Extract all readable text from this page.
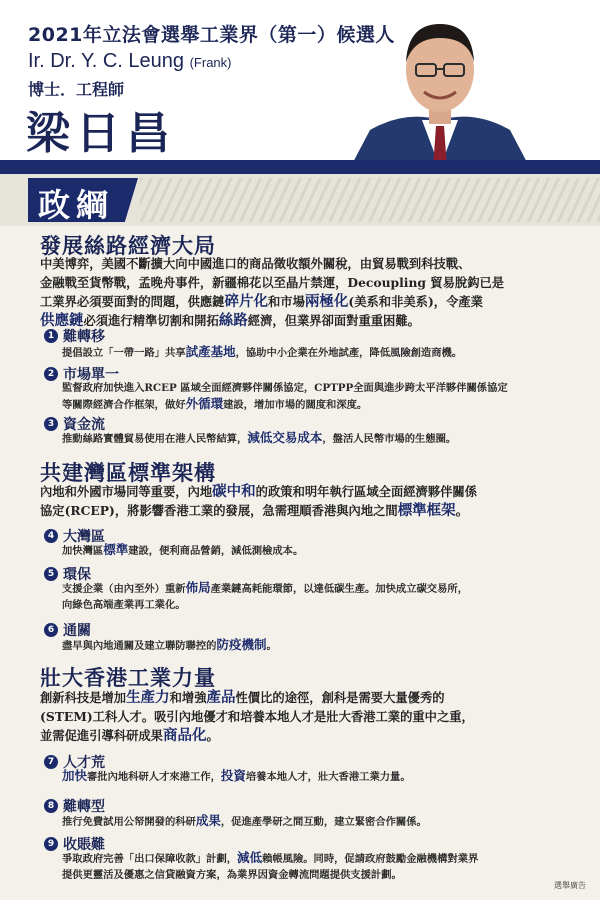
2021年立法會選舉工業界（第一）候選人
Ir. Dr. Y. C. Leung (Frank)
博士．工程師
梁日昌
政綱
發展絲路經濟大局
中美博弈，美國不斷擴大向中國進口的商品徵收額外關稅，由貿易戰到科技戰、
金融戰至貨幣戰，孟晚舟事件，新疆棉花以至晶片禁運，Decoupling 貿易脫鈎已是
工業界必須要面對的問題，供應鏈碎片化和市場兩極化(美系和非美系)，令產業
供應鏈必須進行精準切割和開拓絲路經濟，但業界卻面對重重困難。
1 難轉移
提倡設立「一帶一路」共享試產基地，協助中小企業在外地試產，降低風險創造商機。
2 市場單一
監督政府加快進入RCEP 區域全面經濟夥伴關係協定，CPTPP全面與進步跨太平洋夥伴關係協定
等關際經濟合作框架，做好外循環建設，增加市場的闊度和深度。
3 資金流
推動絲路實體貿易使用在港人民幣結算，減低交易成本，盤活人民幣市場的生態圈。
共建灣區標準架構
內地和外國市場同等重要，內地碳中和的政策和明年執行區域全面經濟夥伴關係
協定(RCEP)，將影響香港工業的發展，急需理順香港與內地之間標準框架。
4 大灣區
加快灣區標準建設，便利商品營銷，減低測檢成本。
5 環保
支援企業（由內至外）重新佈局產業鏈高耗能環節，以達低碳生產。加快成立碳交易所，
向綠色高端產業再工業化。
6 通關
盡早與內地通關及建立聯防聯控的防疫機制。
壯大香港工業力量
創新科技是增加生產力和增強產品性價比的途徑，創科是需要大量優秀的
(STEM)工科人才。吸引內地優才和培養本地人才是壯大香港工業的重中之重，
並需促進引導科研成果商品化。
7 人才荒
加快審批內地科研人才來港工作，投資培養本地人才，壯大香港工業力量。
8 難轉型
推行免費試用公帑開發的科研成果，促進產學研之間互動，建立緊密合作關係。
9 收賬難
爭取政府完善「出口保障收款」計劃，減低賴帳風險。同時，促請政府鼓勵金融機構對業界
提供更靈活及優惠之信貸融資方案，為業界因資金轉流問題提供支援計劃。
選舉廣告
